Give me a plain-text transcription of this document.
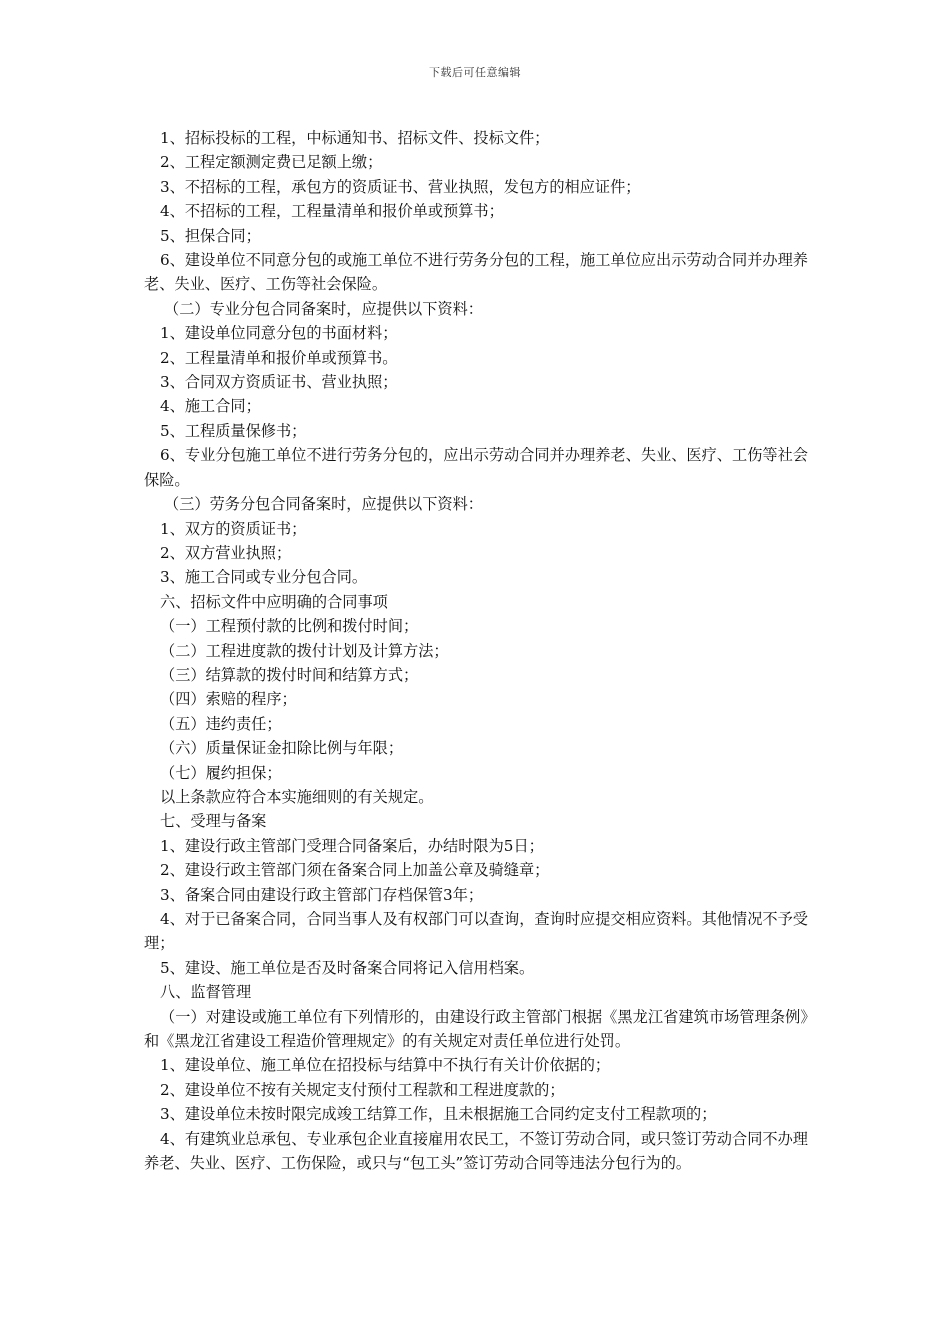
下载后可任意编辑
1、招标投标的工程，中标通知书、招标文件、投标文件；
2、工程定额测定费已足额上缴；
3、不招标的工程，承包方的资质证书、营业执照，发包方的相应证件；
4、不招标的工程，工程量清单和报价单或预算书；
5、担保合同；
6、建设单位不同意分包的或施工单位不进行劳务分包的工程，施工单位应出示劳动合同并办理养老、失业、医疗、工伤等社会保险。
（二）专业分包合同备案时，应提供以下资料：
1、建设单位同意分包的书面材料；
2、工程量清单和报价单或预算书。
3、合同双方资质证书、营业执照；
4、施工合同；
5、工程质量保修书；
6、专业分包施工单位不进行劳务分包的，应出示劳动合同并办理养老、失业、医疗、工伤等社会保险。
（三）劳务分包合同备案时，应提供以下资料：
1、双方的资质证书；
2、双方营业执照；
3、施工合同或专业分包合同。
六、招标文件中应明确的合同事项
（一）工程预付款的比例和拨付时间；
（二）工程进度款的拨付计划及计算方法；
（三）结算款的拨付时间和结算方式；
（四）索赔的程序；
（五）违约责任；
（六）质量保证金扣除比例与年限；
（七）履约担保；
以上条款应符合本实施细则的有关规定。
七、受理与备案
1、建设行政主管部门受理合同备案后，办结时限为5日；
2、建设行政主管部门须在备案合同上加盖公章及骑缝章；
3、备案合同由建设行政主管部门存档保管3年；
4、对于已备案合同，合同当事人及有权部门可以查询，查询时应提交相应资料。其他情况不予受理；
5、建设、施工单位是否及时备案合同将记入信用档案。
八、监督管理
（一）对建设或施工单位有下列情形的，由建设行政主管部门根据《黑龙江省建筑市场管理条例》和《黑龙江省建设工程造价管理规定》的有关规定对责任单位进行处罚。
1、建设单位、施工单位在招投标与结算中不执行有关计价依据的；
2、建设单位不按有关规定支付预付工程款和工程进度款的；
3、建设单位未按时限完成竣工结算工作，且未根据施工合同约定支付工程款项的；
4、有建筑业总承包、专业承包企业直接雇用农民工，不签订劳动合同，或只签订劳动合同不办理养老、失业、医疗、工伤保险，或只与“包工头”签订劳动合同等违法分包行为的。
